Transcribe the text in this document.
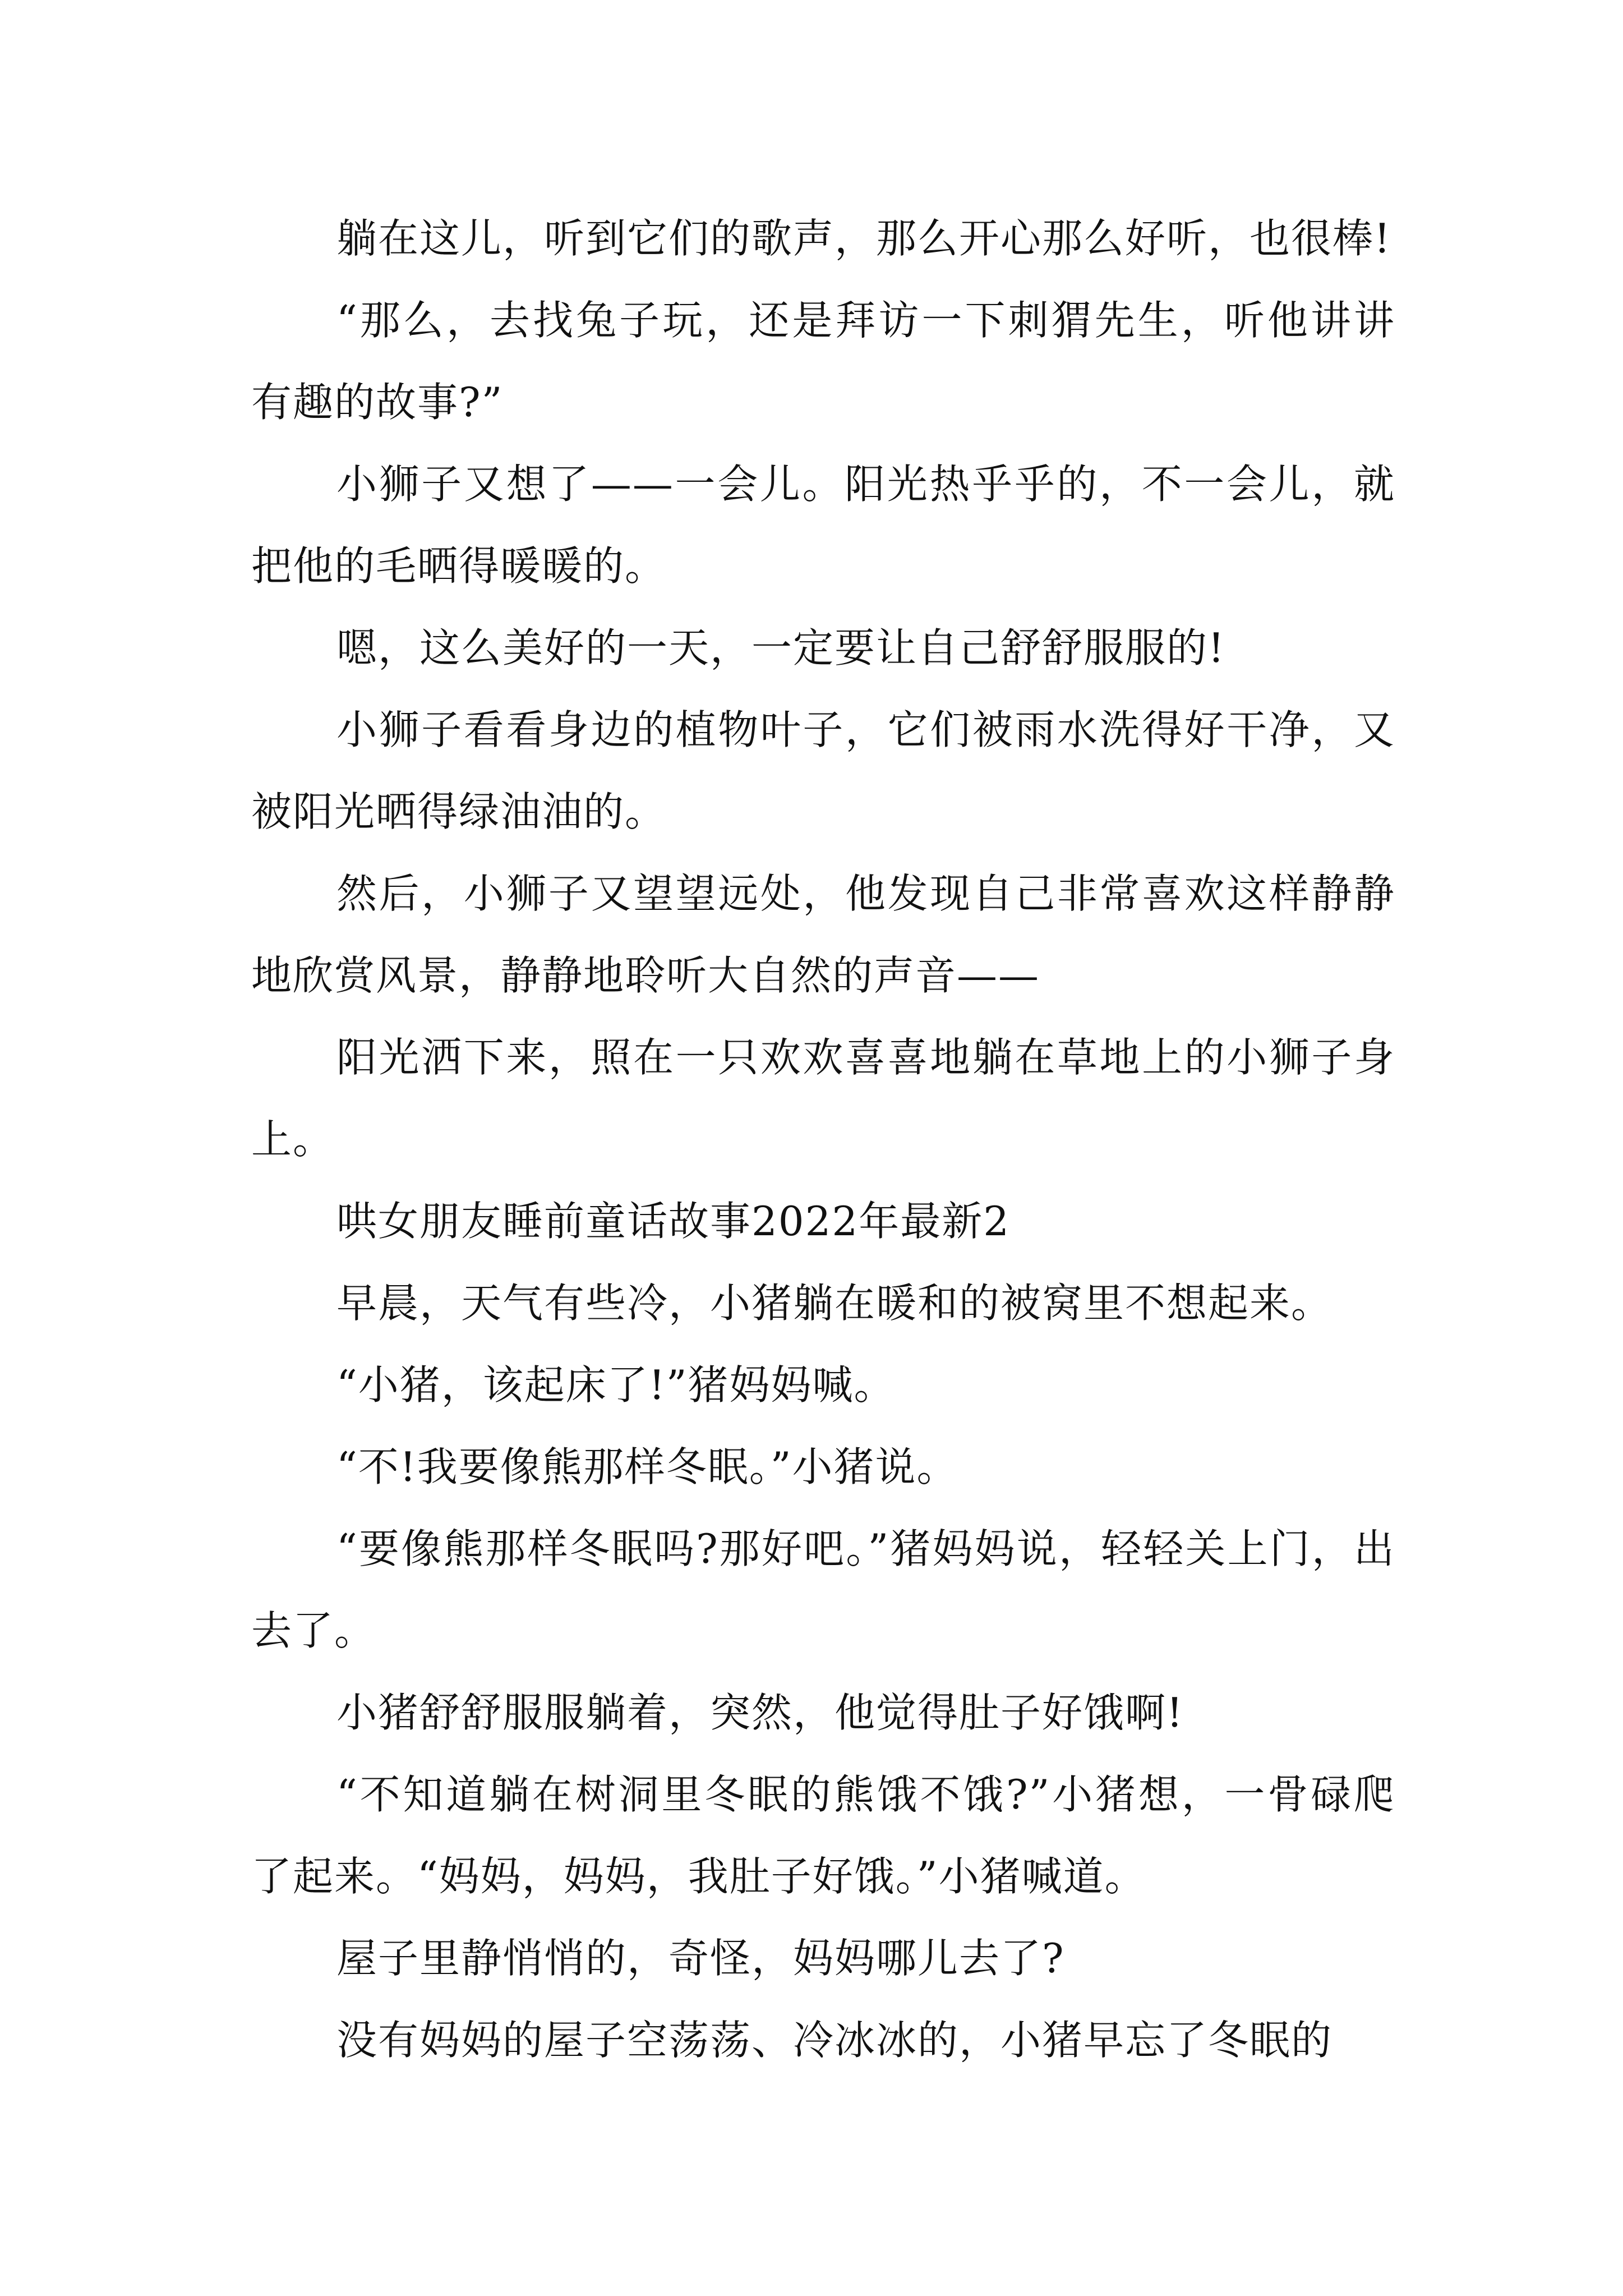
躺在这儿，听到它们的歌声，那么开心那么好听，也很棒!

“那么，去找兔子玩，还是拜访一下刺猬先生，听他讲讲有趣的故事?”

小狮子又想了——一会儿。阳光热乎乎的，不一会儿，就把他的毛晒得暖暖的。

嗯，这么美好的一天，一定要让自己舒舒服服的!

小狮子看看身边的植物叶子，它们被雨水洗得好干净，又被阳光晒得绿油油的。

然后，小狮子又望望远处，他发现自己非常喜欢这样静静地欣赏风景，静静地聆听大自然的声音——

阳光洒下来，照在一只欢欢喜喜地躺在草地上的小狮子身上。

哄女朋友睡前童话故事2022年最新2

早晨，天气有些冷，小猪躺在暖和的被窝里不想起来。

“小猪，该起床了!”猪妈妈喊。

“不!我要像熊那样冬眠。”小猪说。

“要像熊那样冬眠吗?那好吧。”猪妈妈说，轻轻关上门，出去了。

小猪舒舒服服躺着，突然，他觉得肚子好饿啊!

“不知道躺在树洞里冬眠的熊饿不饿?”小猪想，一骨碌爬了起来。“妈妈，妈妈，我肚子好饿。”小猪喊道。

屋子里静悄悄的，奇怪，妈妈哪儿去了?

没有妈妈的屋子空荡荡、冷冰冰的，小猪早忘了冬眠的
